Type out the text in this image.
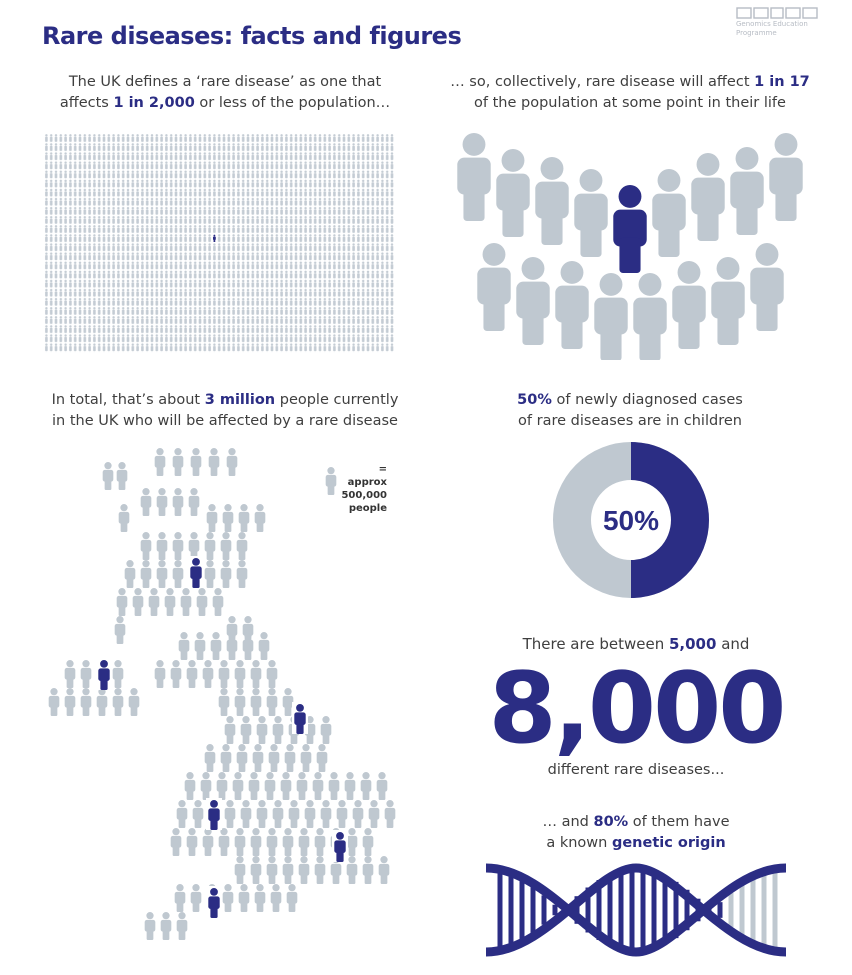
Rare diseases: facts and figures	Genomics Education
Programme
The UK defines a ‘rare disease’ as one that
affects 1 in 2,000 or less of the population…
… so, collectively, rare disease will affect 1 in 17
of the population at some point in their life
In total, that’s about 3 million people currently
in the UK who will be affected by a rare disease
= approx
500,000
people
50% of newly diagnosed cases
of rare diseases are in children
50%
There are between 5,000 and
8,000
different rare diseases...
… and 80% of them have
a known genetic origin
